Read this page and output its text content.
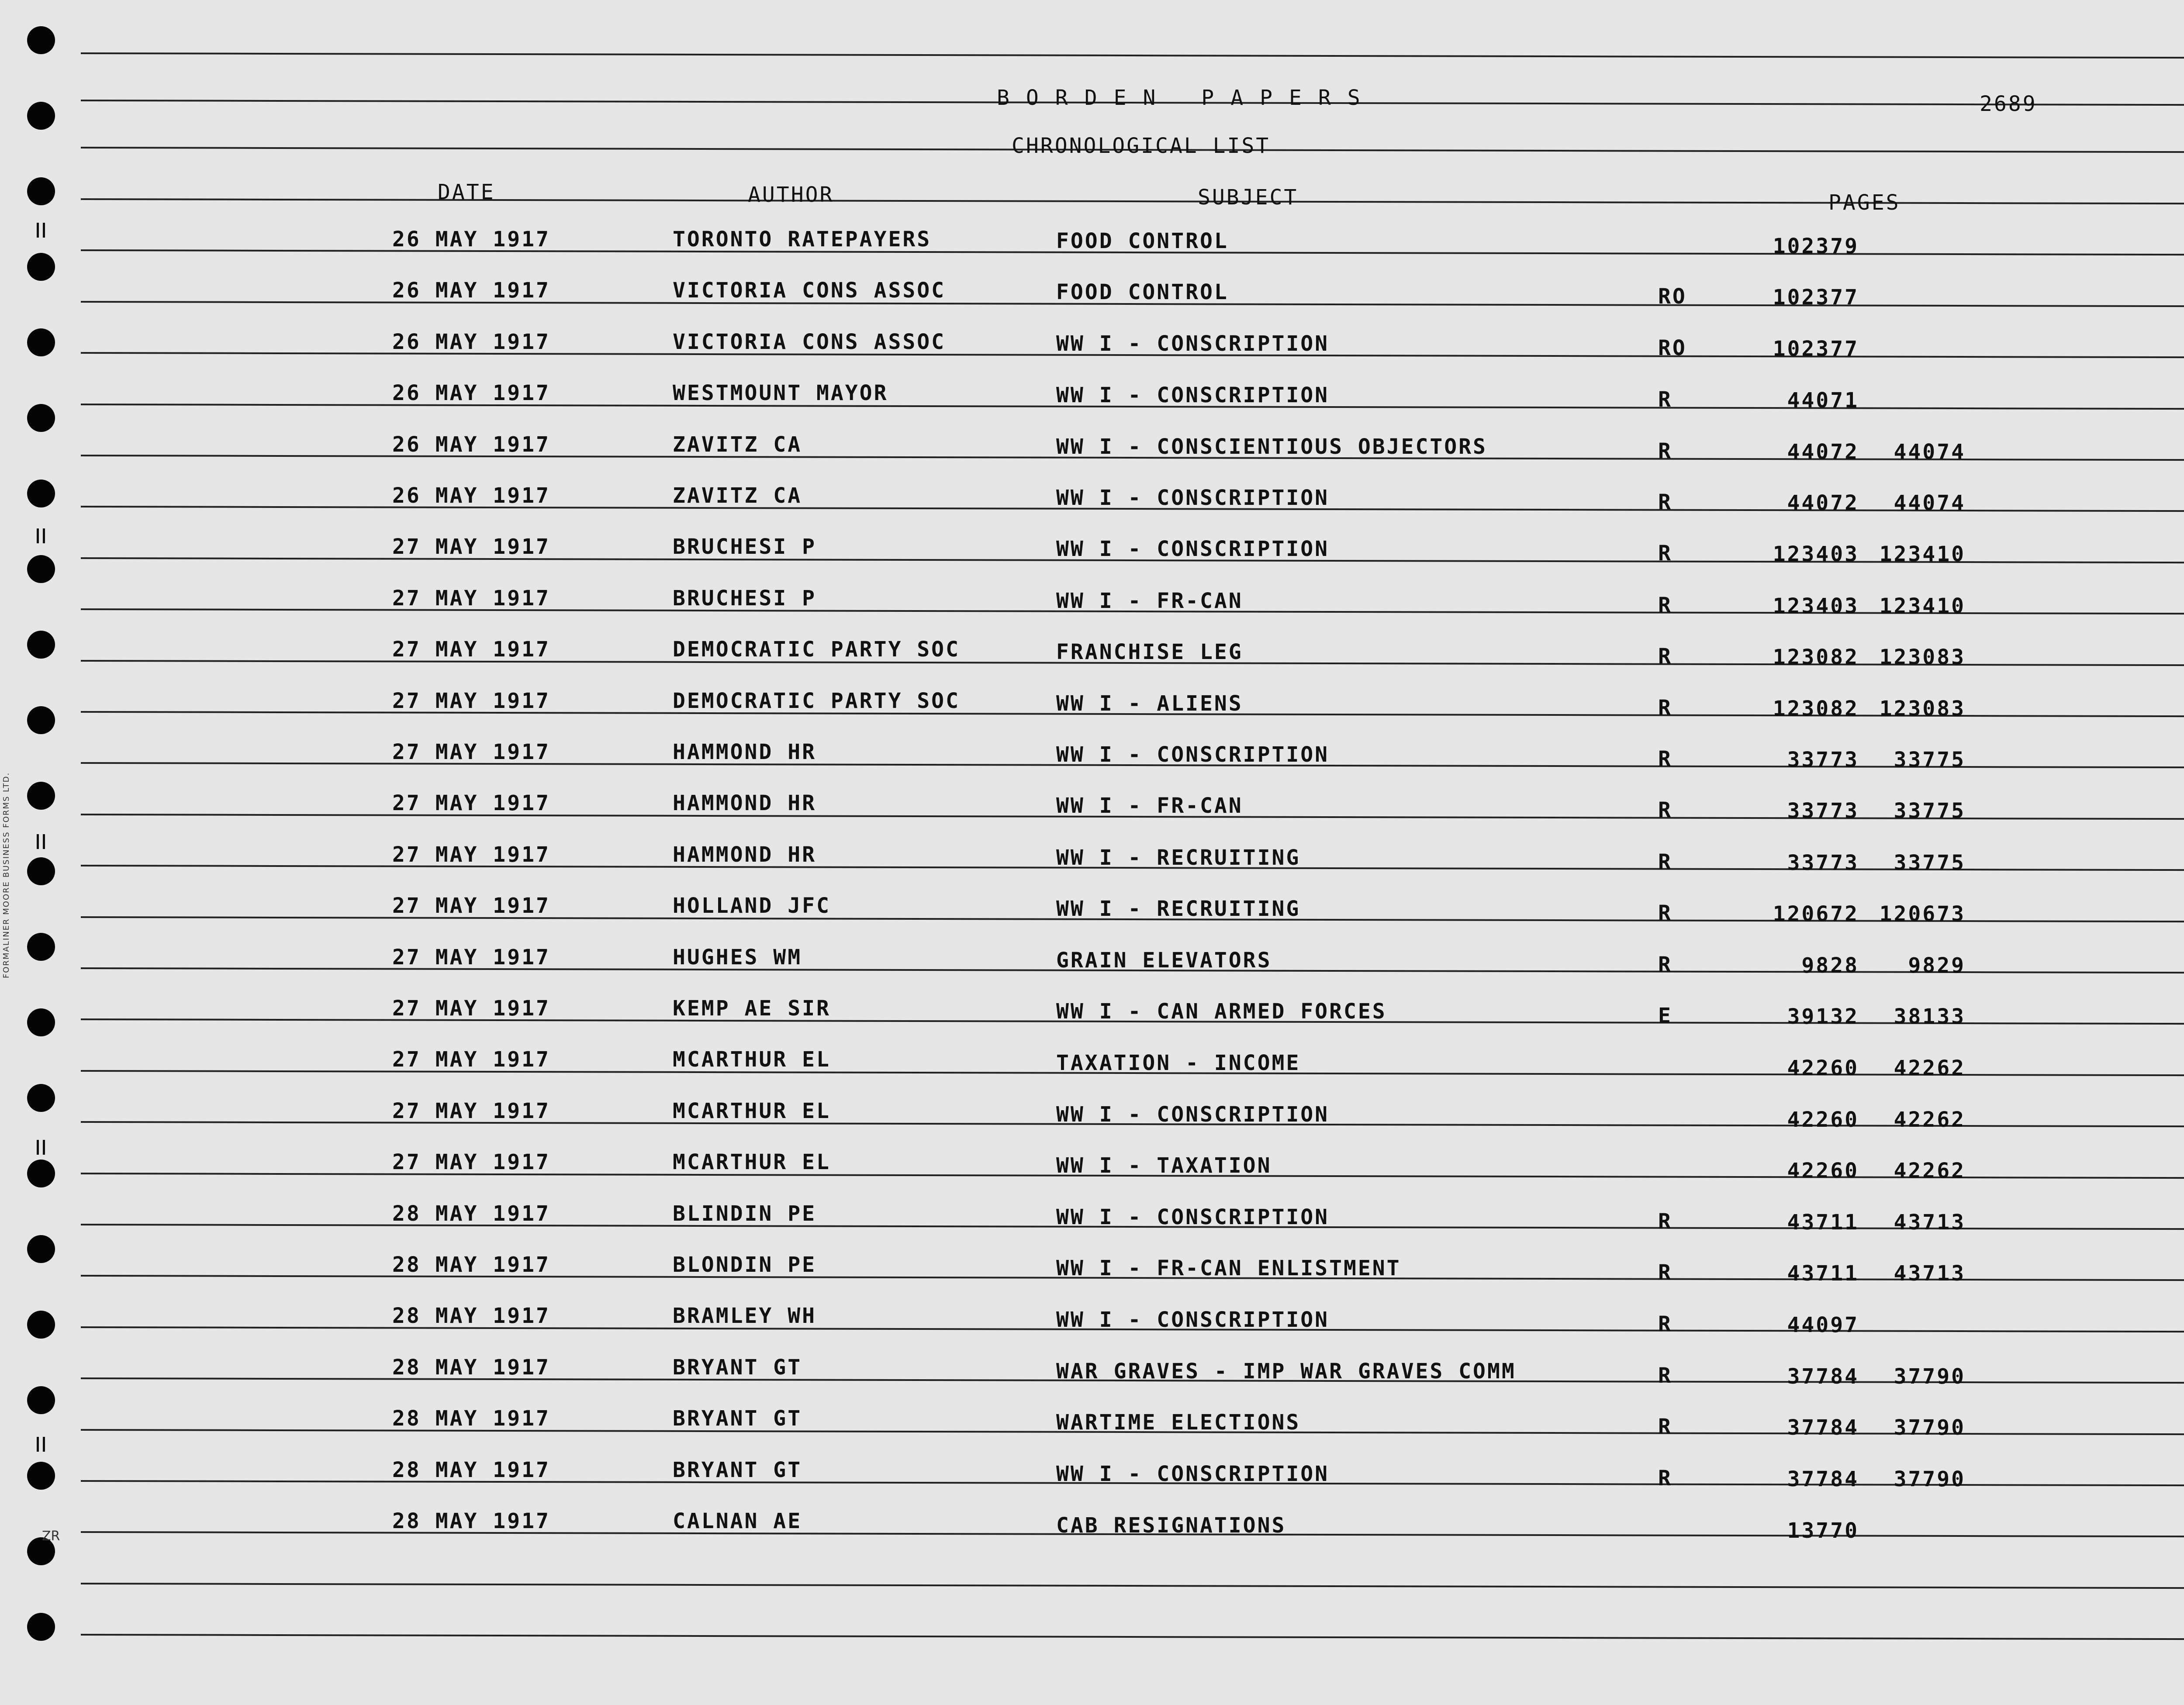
BORDEN PAPERS	2689
CHRONOLOGICAL LIST
DATE	AUTHOR	SUBJECT	PAGES
26 MAY 1917	TORONTO RATEPAYERS	FOOD CONTROL	102379
26 MAY 1917	VICTORIA CONS ASSOC	FOOD CONTROL	RO	102377
26 MAY 1917	VICTORIA CONS ASSOC	WW I - CONSCRIPTION	RO	102377
26 MAY 1917	WESTMOUNT MAYOR	WW I - CONSCRIPTION	R	44071
26 MAY 1917	ZAVITZ CA	WW I - CONSCIENTIOUS OBJECTORS	R	44072	44074
26 MAY 1917	ZAVITZ CA	WW I - CONSCRIPTION	R	44072	44074
27 MAY 1917	BRUCHESI P	WW I - CONSCRIPTION	R	123403 123410
27 MAY 1917	BRUCHESI P	WW I - FR-CAN	R	123403 123410
27 MAY 1917	DEMOCRATIC PARTY SOC	FRANCHISE LEG	R	123082 123083
27 MAY 1917	DEMOCRATIC PARTY SOC	WW I - ALIENS	R	123082 123083
27 MAY 1917	HAMMOND HR	WW I - CONSCRIPTION	R	33773	33775
27 MAY 1917	HAMMOND HR	WW I - FR-CAN	R	33773	33775
27 MAY 1917	HAMMOND HR	WW I - RECRUITING	R	33773	33775
27 MAY 1917	HOLLAND JFC	WW I - RECRUITING	R	120672 120673
27 MAY 1917	HUGHES WM	GRAIN ELEVATORS	R	9828	9829
27 MAY 1917	KEMP AE SIR	WW I - CAN ARMED FORCES	E	39132	38133
27 MAY 1917	MCARTHUR EL	TAXATION - INCOME	42260	42262
27 MAY 1917	MCARTHUR EL	WW I - CONSCRIPTION	42260	42262
27 MAY 1917	MCARTHUR EL	WW I - TAXATION	42260	42262
28 MAY 1917	BLINDIN PE	WW I - CONSCRIPTION	R	43711	43713
28 MAY 1917	BLONDIN PE	WW I - FR-CAN ENLISTMENT	R	43711	43713
28 MAY 1917	BRAMLEY WH	WW I - CONSCRIPTION	R	44097
28 MAY 1917	BRYANT GT	WAR GRAVES - IMP WAR GRAVES COMM	R	37784	37790
28 MAY 1917	BRYANT GT	WARTIME ELECTIONS	R	37784	37790
28 MAY 1917	BRYANT GT	WW I - CONSCRIPTION	R	37784	37790
28 MAY 1917	CALNAN AE	CAB RESIGNATIONS	13770
FORMALINER MOORE BUSINESS FORMS LTD.
ZR
